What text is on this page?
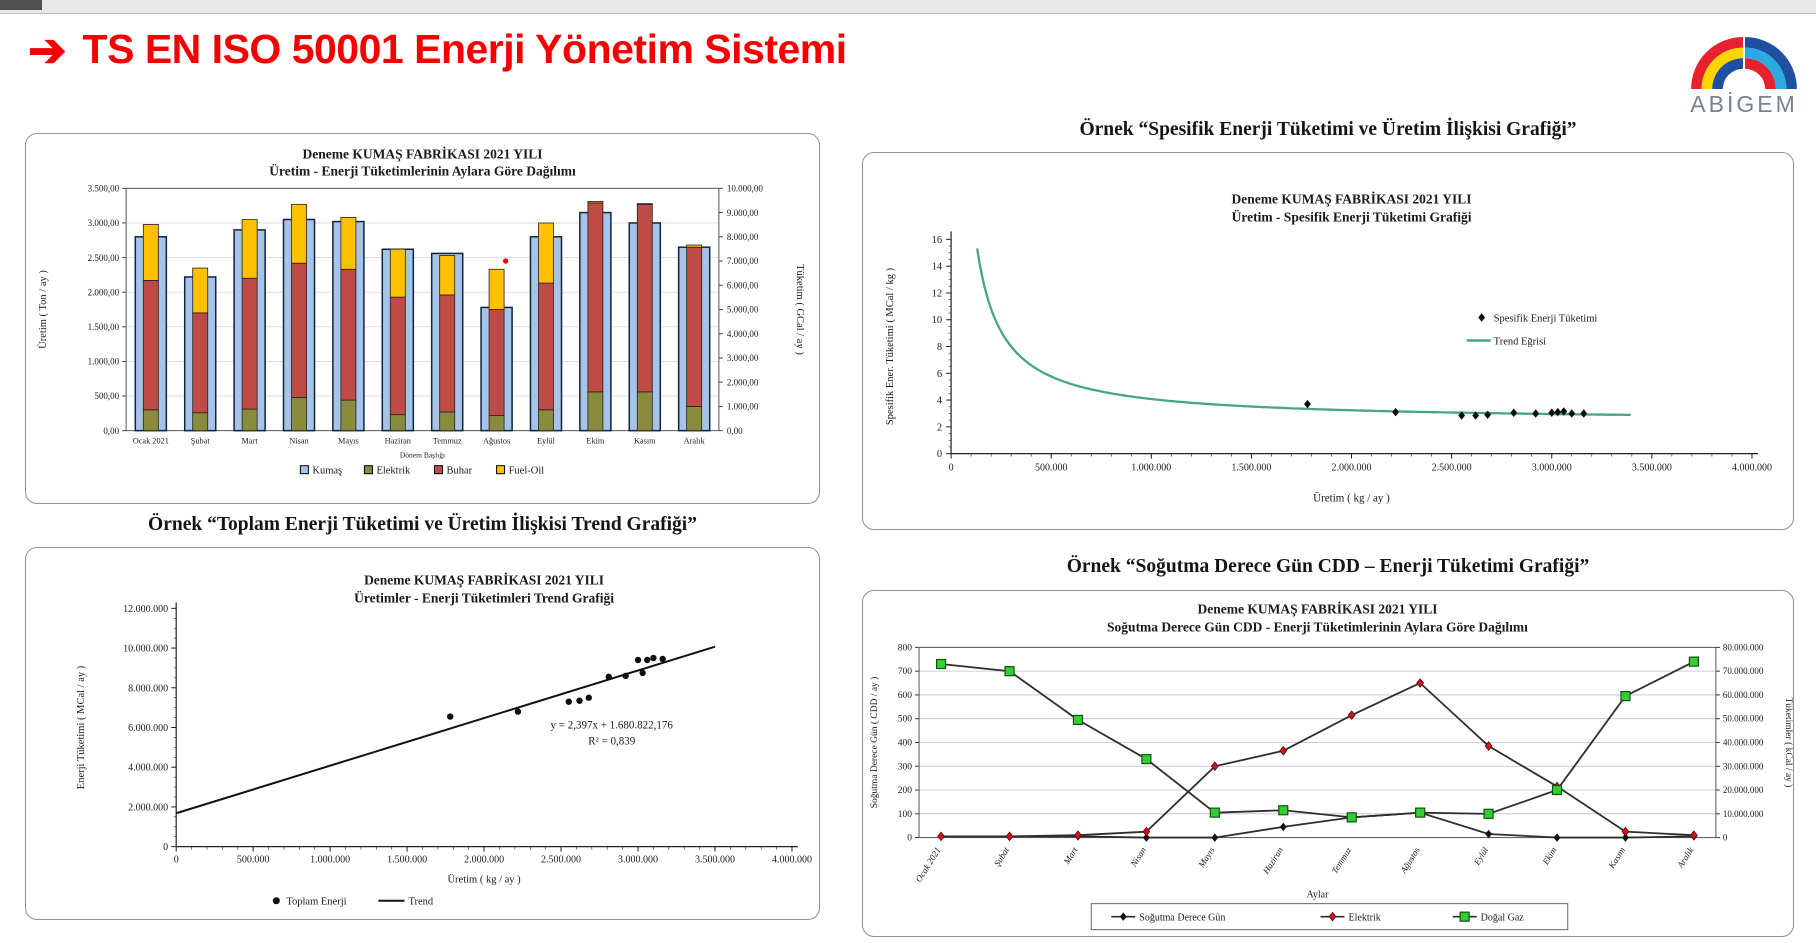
➔ TS EN ISO 50001 Enerji Yönetim Sistemi
ABİGEM
Örnek “Spesifik Enerji Tüketimi ve Üretim İlişkisi Grafiği”
Örnek “Toplam Enerji Tüketimi ve Üretim İlişkisi Trend Grafiği”
Örnek “Soğutma Derece Gün CDD – Enerji Tüketimi Grafiği”
Deneme KUMAŞ FABRİKASI 2021 YILI
Üretim - Enerji Tüketimlerinin Aylara Göre Dağılımı
0,00
500,00
1.000,00
1.500,00
2.000,00
2.500,00
3.000,00
3.500,00
0,00
1.000,00
2.000,00
3.000,00
4.000,00
5.000,00
6.000,00
7.000,00
8.000,00
9.000,00
10.000,00
Üretim ( Ton / ay )	Tüketim ( GCal / ay )
Ocak 2021	Şubat	Mart	Nisan	Mayıs	Haziran	Temmuz	Ağustos	Eylül	Ekim	Kasım	Aralık
Dönem Başlığı
Kumaş	Elektrik	Buhar	Fuel-Oil
Deneme KUMAŞ FABRİKASI 2021 YILI
Üretim - Spesifik Enerji Tüketimi Grafiği
0
2
4
6
8
10
12
14
16
0	500.000	1.000.000	1.500.000	2.000.000	2.500.000	3.000.000	3.500.000	4.000.000
Spesifik Ener. Tüketimi ( MCal / kg )
Üretim ( kg / ay )
Spesifik Enerji Tüketimi
Trend Eğrisi
Deneme KUMAŞ FABRİKASI 2021 YILI
Üretimler - Enerji Tüketimleri Trend Grafiği
0
2.000.000
4.000.000
6.000.000
8.000.000
10.000.000
12.000.000
0	500.000	1.000.000	1.500.000	2.000.000	2.500.000	3.000.000	3.500.000	4.000.000
Enerji Tüketimi ( MCal / ay )
Üretim ( kg / ay )
y = 2,397x + 1.680.822,176
R² = 0,839
Toplam Enerji	Trend
Deneme KUMAŞ FABRİKASI 2021 YILI
Soğutma Derece Gün CDD - Enerji Tüketimlerinin Aylara Göre Dağılımı
0
100
200
300
400
500
600
700
800
0
10.000.000
20.000.000
30.000.000
40.000.000
50.000.000
60.000.000
70.000.000
80.000.000
Soğutma Derece Gün ( CDD / ay )	Tüketimler ( kCal / ay )
Ocak 2021	Şubat	Mart	Nisan	Mayıs	Haziran	Temmuz	Ağustos	Eylül	Ekim	Kasım	Aralık
Aylar
Soğutma Derece Gün	Elektrik	Doğal Gaz
